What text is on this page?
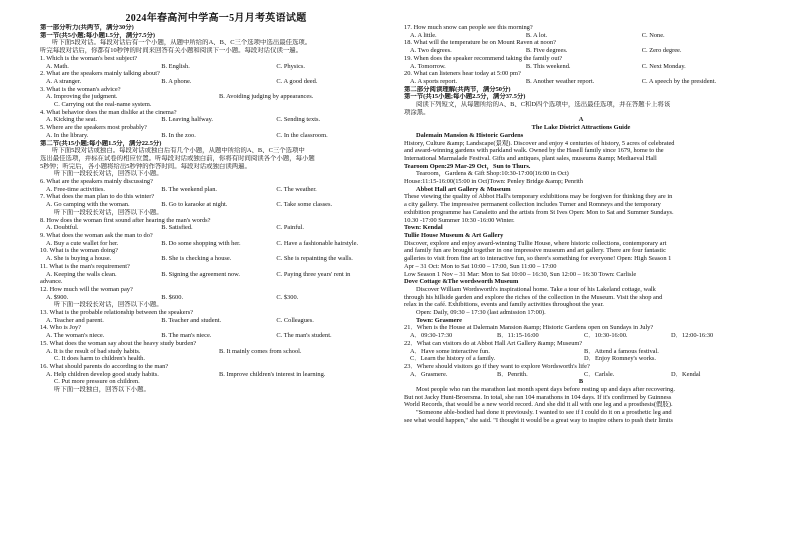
2024年春高河中学高一5月月考英语试题
第一部分听力(共两节，满分30分)
第一节(共5小题;每小题1.5分，满分7.5分)
听下面5段对话。每段对话后有一个小题，从题中所给的A、B、C三个选项中选出最佳选项。
听完每段对话后，你都有10秒钟的时间来回答有关小题和阅读下一小题。每段对话仅读一遍。
1. Which is the woman's best subject?
A. Math.	B. English.	C. Physics.
2. What are the speakers mainly talking about?
A. A stranger.	B. A phone.	C. A good deed.
3. What is the woman's advice?
A. Improving the judgment.	B. Avoiding judging by appearances.
C. Carrying out the real-name system.
4. What behavior does the man dislike at the cinema?
A. Kicking the seat.	B. Leaving halfway.	C. Sending texts.
5. Where are the speakers most probably?
A. In the library.	B. In the zoo.	C. In the classroom.
第二节(共15小题;每小题1.5分，满分22.5分)
听下面5段对话或独白。每段对话或独白后有几个小题，从题中所给的A、B、C三个选项中
选出最佳选项，并标在试卷的相应位置。听每段对话或独白前，你将有时间阅读各个小题，每小题
5秒钟；听完后，各小题将给出5秒钟的作答时间。每段对话或独白读两遍。
听下面一段较长对话，回答以下小题。
6. What are the speakers mainly discussing?
A. Free-time activities.	B. The weekend plan.	C. The weather.
7. What does the man plan to do this winter?
A. Go camping with the woman.	B. Go to karaoke at night.	C. Take some classes.
听下面一段较长对话，回答以下小题。
8. How does the woman first sound after hearing the man's words?
A. Doubtful.	B. Satisfied.	C. Painful.
9. What does the woman ask the man to do?
A. Buy a cute wallet for her.	B. Do some shopping with her.	C. Have a fashionable hairstyle.
10. What is the woman doing?
A. She is buying a house.	B. She is checking a house.	C. She is repainting the walls.
11. What is the man's requirement?
A. Keeping the walls clean.	B. Signing the agreement now.	C. Paying three years' rent in
advance.
12. How much will the woman pay?
A. $900.	B. $600.	C. $300.
听下面一段较长对话，回答以下小题。
13. What is the probable relationship between the speakers?
A. Teacher and parent.	B. Teacher and student.	C. Colleagues.
14. Who is Joy?
A. The woman's niece.	B. The man's niece.	C. The man's student.
15. What does the woman say about the heavy study burden?
A. It is the result of bad study habits.	B. It mainly comes from school.
C. It does harm to children's health.
16. What should parents do according to the man?
A. Help children develop good study habits.	B. Improve children's interest in learning.
C. Put more pressure on children.
听下面一段独白，回答以下小题。
17. How much snow can people see this morning?
A. A little.	B. A lot.	C. None.
18. What will the temperature be on Mount Raven at noon?
A. Two degrees.	B. Five degrees.	C. Zero degree.
19. When does the speaker recommend taking the family out?
A. Tomorrow.	B. This weekend.	C. Next Monday.
20. What can listeners hear today at 5:00 pm?
A. A sports report.	B. Another weather report.	C. A speech by the president.
第二部分阅读理解(共两节，满分50分)
第一节(共15小题;每小题2.5分，满分37.5分)
阅读下列短文，从每题所给的A、B、C和D四个选项中，选出最佳选项，并在答题卡上将该
项涂黑。
A
The Lake District Attractions Guide
Dalemain Mansion & Historic Gardens
History, Culture &amp; Landscape(景观). Discover and enjoy 4 centuries of history, 5 acres of celebrated
and award-winning gardens with parkland walk. Owned by the Hasell family since 1679, home to the
International Marmalade Festival. Gifts and antiques, plant sales, museums &amp; Mediaeval Hall
Tearoom Open:29 Mar-29 Oct，Sun to Thurs.
Tearoom，Gardens & Gift Shop:10:30-17:00(16:00 in Oct)
House:11:15-16:00(15:00 in Oct)Town: Penley Bridge &amp; Penrith
Abbot Hall art Gallery & Museum
These viewing the quality of Abbot Hall's temporary exhibitions may be forgiven for thinking they are in
a city gallery. The impressive permanent collection includes Turner and Romneys and the temporary
exhibition programme has Canaletto and the artists from St Ives Open: Mon to Sat and Summer Sundays.
10.30 -17:00 Summer 10:30 -16:00 Winter.
Town: Kendal
Tullie House Museum & Art Gallery
Discover, explore and enjoy award-winning Tullie House, where historic collections, contemporary art
and family fun are brought together in one impressive museum and art gallery. There are four fantastic
galleries to visit from fine art to interactive fun, so there's something for everyone! Open: High Season 1
Apr – 31 Oct: Mon to Sat 10:00 – 17:00, Sun 11:00 – 17:00
Low Season 1 Nov – 31 Mar: Mon to Sat 10:00 – 16:30, Sun 12:00 – 16:30 Town: Carlisle
Dove Cottage &The wordsworth Museum
Discover William Wordsworth's inspirational home. Take a tour of his Lakeland cottage, walk
through his hillside garden and explore the riches of the collection in the Museum. Visit the shop and
relax in the café. Exhibitions, events and family activities throughout the year.
Open: Daily, 09:30 – 17:30 (last admission 17:00).
Town: Grasmere
21．When is the House at Dalemain Mansion &amp; Historic Gardens open on Sundays in July?
A．09:30-17:30	B．11:15-16:00	C．10:30-16:00.	D．12:00-16:30
22．What can visitors do at Abbot Hall Art Gallery &amp; Museum?
A．Have some interactive fun.	B．Attend a famous festival.
C．Learn the history of a family.	D．Enjoy Romney's works.
23．Where should visitors go if they want to explore Wordsworth's life?
A．Grasmere.	B．Penrith.	C．Carlsle.	D．Kendal
B
Most people who ran the marathon last month spent days before resting up and days after recovering.
But not Jacky Hunt-Broersma. In total, she ran 104 marathons in 104 days. If it's confirmed by Guinness
World Records, that would be a new world record. And she did it all with one leg and a prosthesis(假肢).
"Someone able-bodied had done it previously. I wanted to see if I could do it on a prosthetic leg and
see what would happen," she said. "I thought it would be a great way to inspire others to push their limits
